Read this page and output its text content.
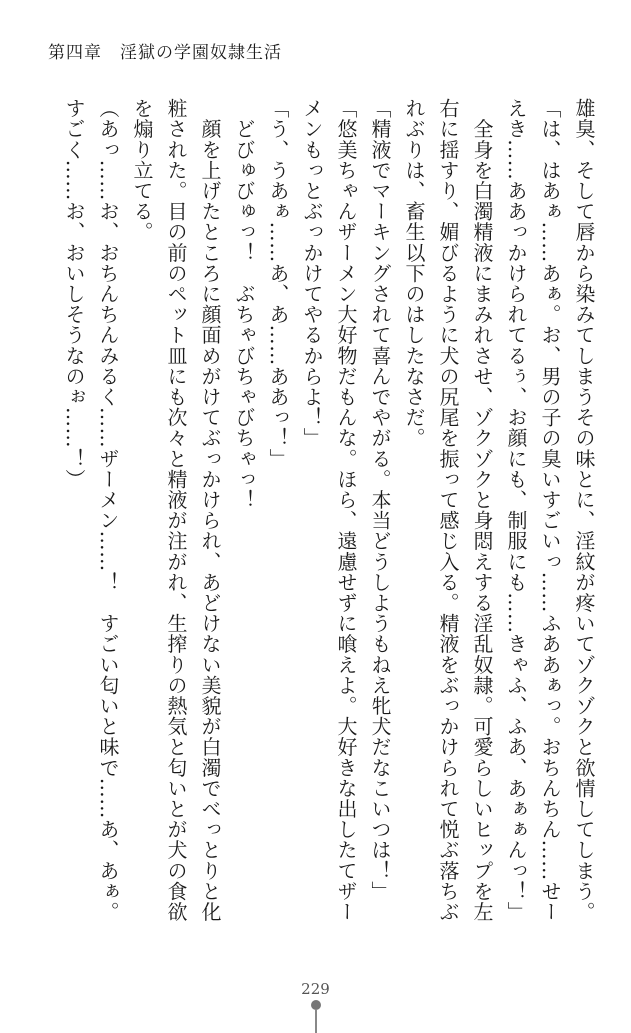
第四章　淫獄の学園奴隷生活
雄臭、そして唇から染みてしまうその味とに、淫紋が疼いてゾクゾクと欲情してしまう。
「は、はあぁ……あぁ。お、男の子の臭いすごいっ……ふああぁっ。おちんちん……せー
えき……ああっかけられてるぅ、お顔にも、制服にも……きゃふ、ふあ、あぁぁんっ！」
　全身を白濁精液にまみれさせ、ゾクゾクと身悶えする淫乱奴隷。可愛らしいヒップを左
右に揺すり、媚びるように犬の尻尾を振って感じ入る。精液をぶっかけられて悦ぶ落ちぶ
れぶりは、畜生以下のはしたなさだ。
「精液でマーキングされて喜んでやがる。本当どうしようもねえ牝犬だなこいつは！」
「悠美ちゃんザーメン大好物だもんな。ほら、遠慮せずに喰えよ。大好きな出したてザー
メンもっとぶっかけてやるからよ！」
「う、うあぁ……あ、あ……ああっ！」
　どびゅびゅっ！　ぶちゃびちゃびちゃっ！
　顔を上げたところに顔面めがけてぶっかけられ、あどけない美貌が白濁でべっとりと化
粧された。目の前のペット皿にも次々と精液が注がれ、生搾りの熱気と匂いとが犬の食欲
を煽り立てる。
（あっ……お、おちんちんみるく……ザーメン……！　すごい匂いと味で……あ、あぁ。
すごく……お、おいしそうなのぉ……！）
229
